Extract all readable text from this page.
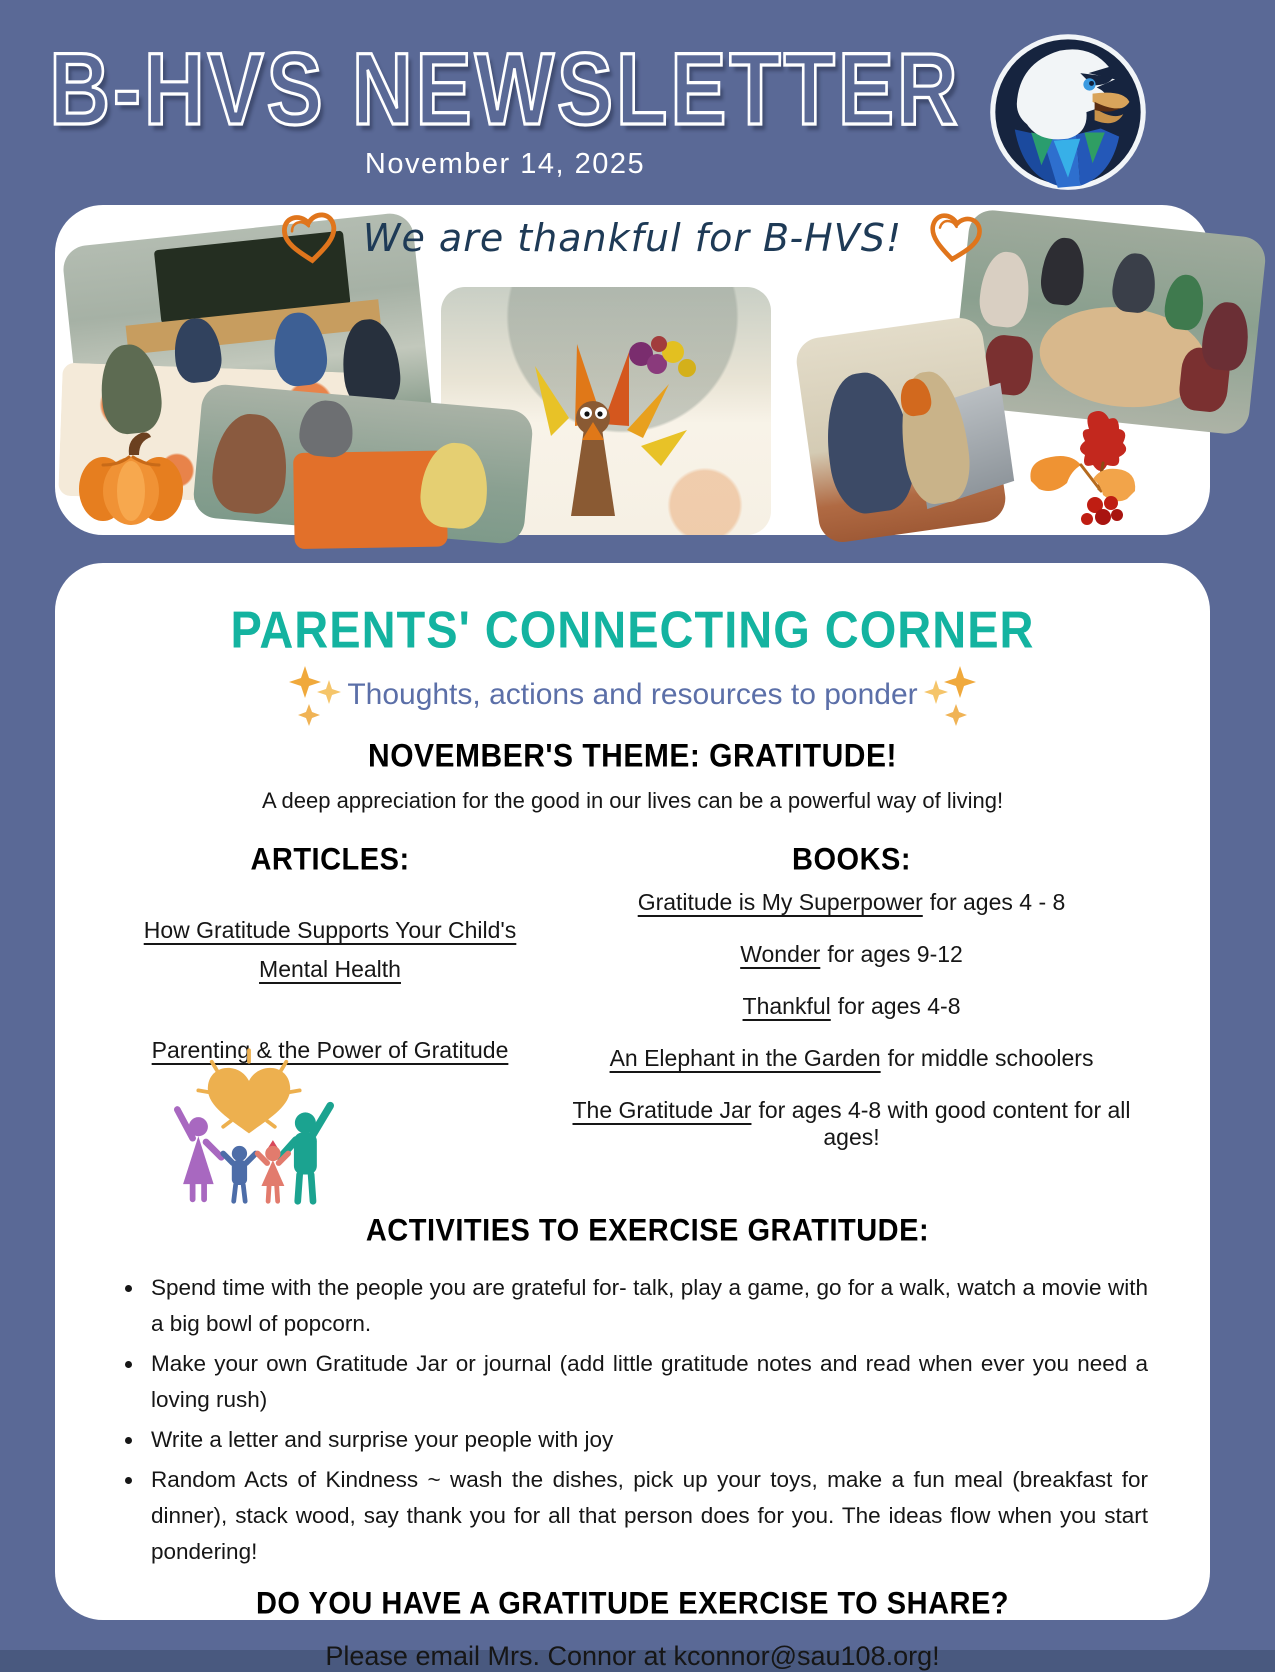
B-HVS NEWSLETTER
November 14, 2025
We are thankful for B-HVS!
PARENTS' CONNECTING CORNER
Thoughts, actions and resources to ponder
NOVEMBER'S THEME: GRATITUDE!
A deep appreciation for the good in our lives can be a powerful way of living!
ARTICLES:
How Gratitude Supports Your Child's Mental Health
Parenting & the Power of Gratitude
BOOKS:
Gratitude is My Superpower for ages 4 - 8
Wonder for ages 9-12
Thankful for ages 4-8
An Elephant in the Garden for middle schoolers
The Gratitude Jar for ages 4-8 with good content for all ages!
ACTIVITIES TO EXERCISE GRATITUDE:
• Spend time with the people you are grateful for- talk, play a game, go for a walk, watch a movie with a big bowl of popcorn.
• Make your own Gratitude Jar or journal (add little gratitude notes and read when ever you need a loving rush)
• Write a letter and surprise your people with joy
• Random Acts of Kindness ~ wash the dishes, pick up your toys, make a fun meal (breakfast for dinner), stack wood, say thank you for all that person does for you. The ideas flow when you start pondering!
DO YOU HAVE A GRATITUDE EXERCISE TO SHARE?
Please email Mrs. Connor at kconnor@sau108.org!
